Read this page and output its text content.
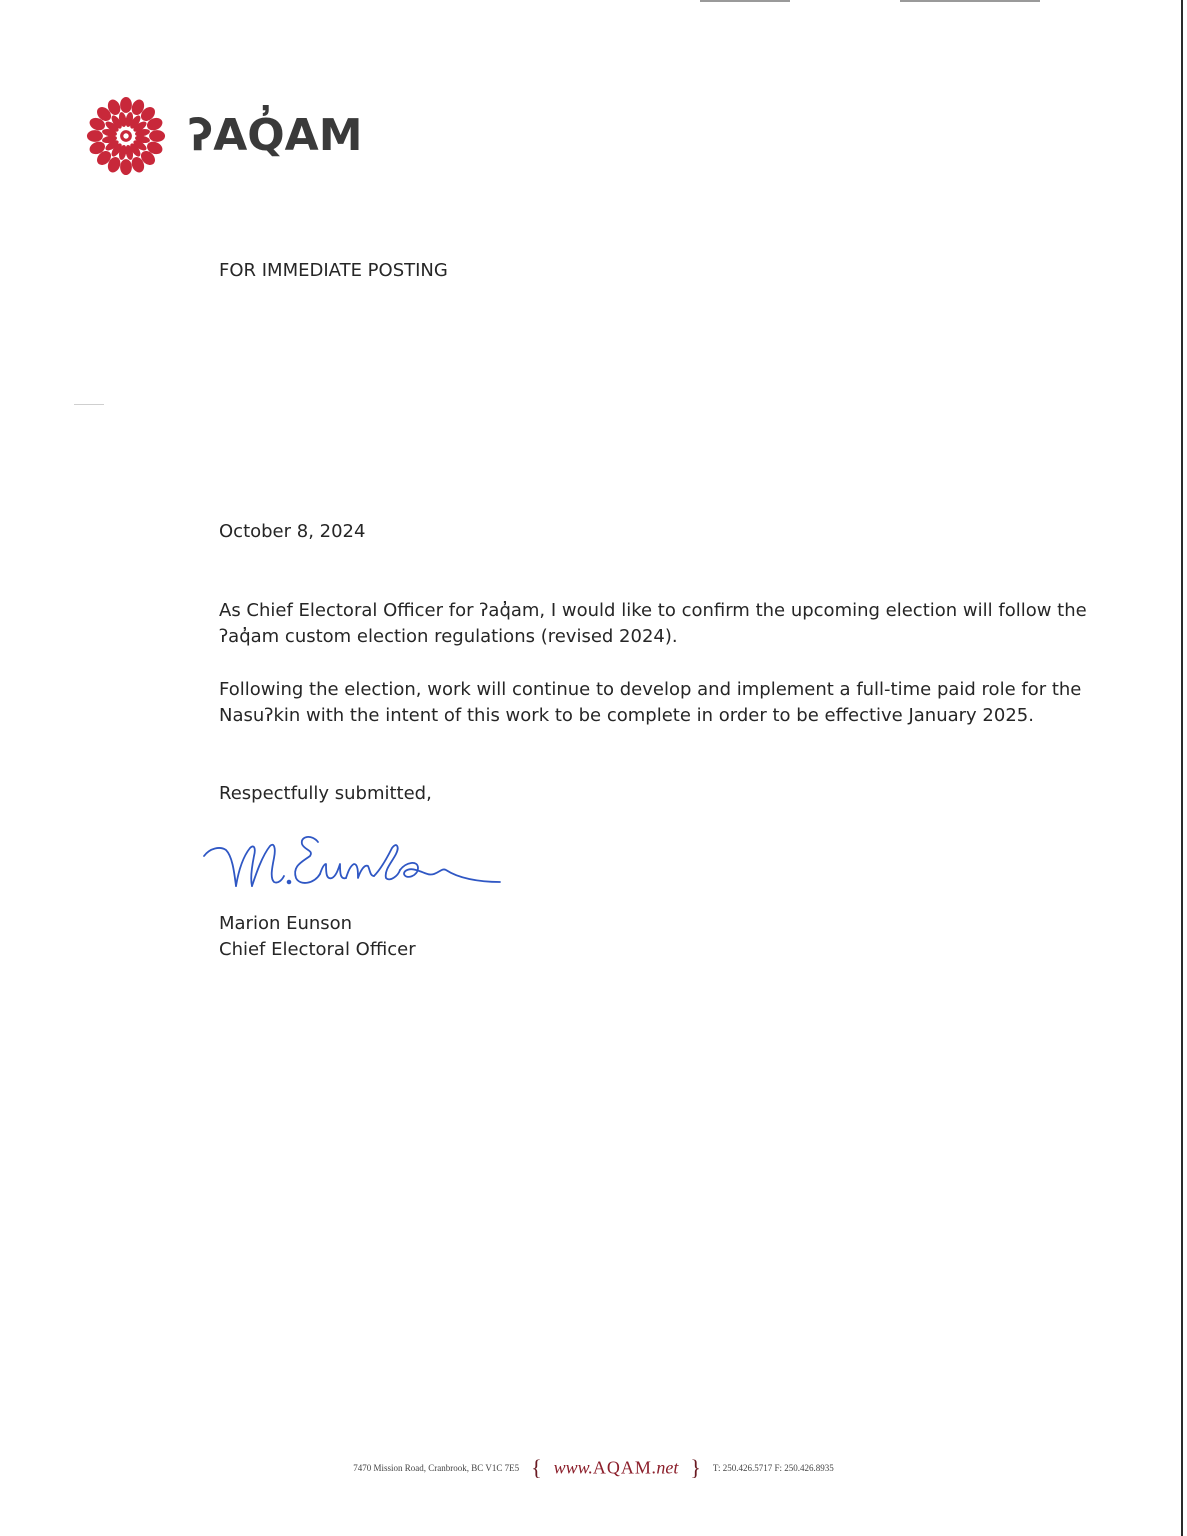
ʔAQ̓AM
FOR IMMEDIATE POSTING
October 8, 2024
As Chief Electoral Officer for ʔaq̓am, I would like to confirm the upcoming election will follow the
ʔaq̓am custom election regulations (revised 2024).
Following the election, work will continue to develop and implement a full-time paid role for the
Nasuʔkin with the intent of this work to be complete in order to be effective January 2025.
Respectfully submitted,
Marion Eunson
Chief Electoral Officer
7470 Mission Road, Cranbrook, BC V1C 7E5 { www.AQAM.net } T: 250.426.5717 F: 250.426.8935
